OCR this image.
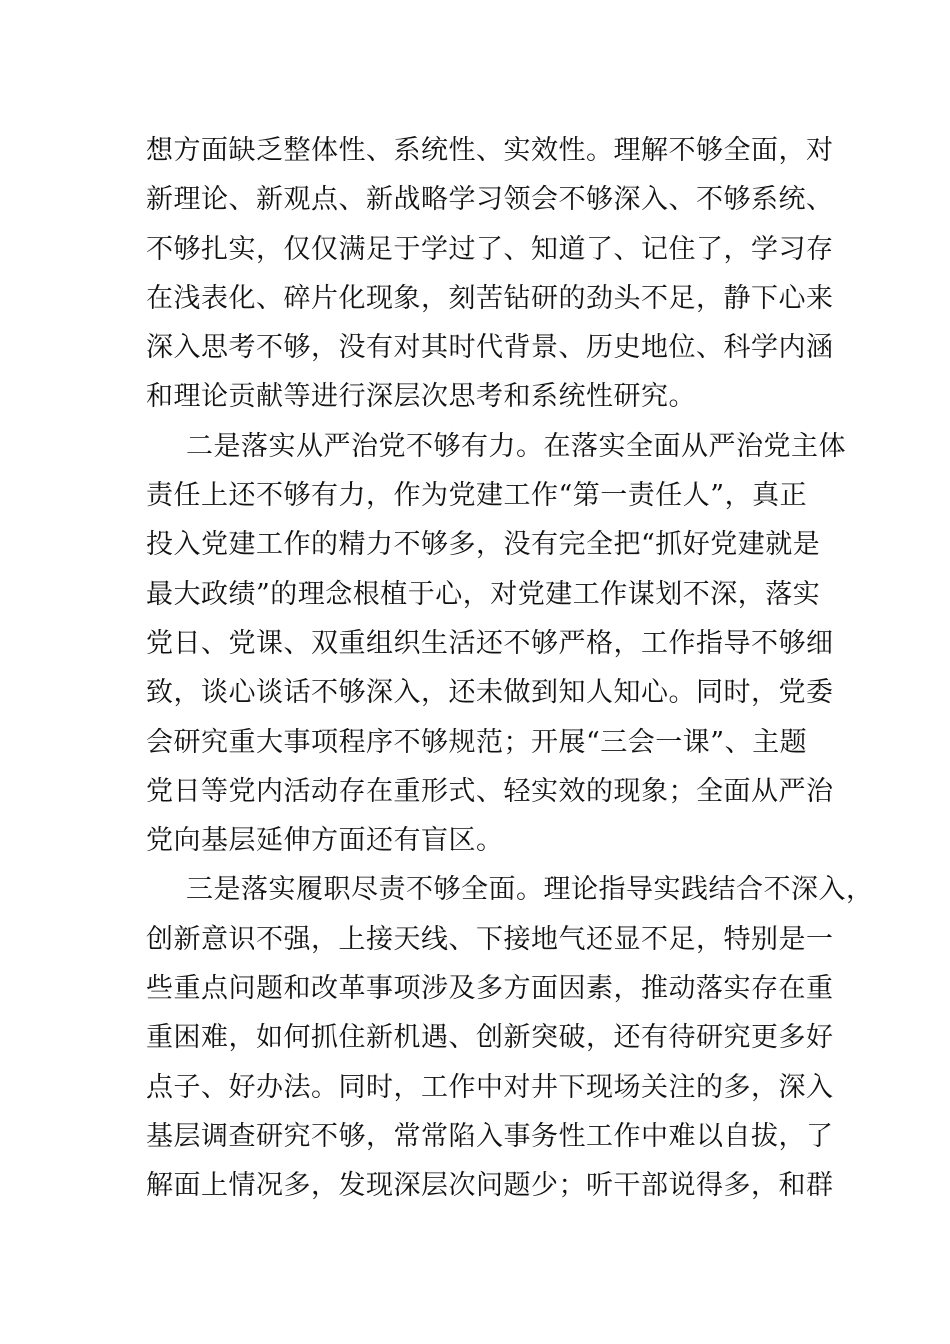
想方面缺乏整体性、系统性、实效性。理解不够全面，对
新理论、新观点、新战略学习领会不够深入、不够系统、
不够扎实，仅仅满足于学过了、知道了、记住了，学习存
在浅表化、碎片化现象，刻苦钻研的劲头不足，静下心来
深入思考不够，没有对其时代背景、历史地位、科学内涵
和理论贡献等进行深层次思考和系统性研究。
二是落实从严治党不够有力。在落实全面从严治党主体
责任上还不够有力，作为党建工作“第一责任人”，真正
投入党建工作的精力不够多，没有完全把“抓好党建就是
最大政绩”的理念根植于心，对党建工作谋划不深，落实
党日、党课、双重组织生活还不够严格，工作指导不够细
致，谈心谈话不够深入，还未做到知人知心。同时，党委
会研究重大事项程序不够规范；开展“三会一课”、主题
党日等党内活动存在重形式、轻实效的现象；全面从严治
党向基层延伸方面还有盲区。
三是落实履职尽责不够全面。理论指导实践结合不深入，
创新意识不强，上接天线、下接地气还显不足，特别是一
些重点问题和改革事项涉及多方面因素，推动落实存在重
重困难，如何抓住新机遇、创新突破，还有待研究更多好
点子、好办法。同时，工作中对井下现场关注的多，深入
基层调查研究不够，常常陷入事务性工作中难以自拔，了
解面上情况多，发现深层次问题少；听干部说得多，和群
